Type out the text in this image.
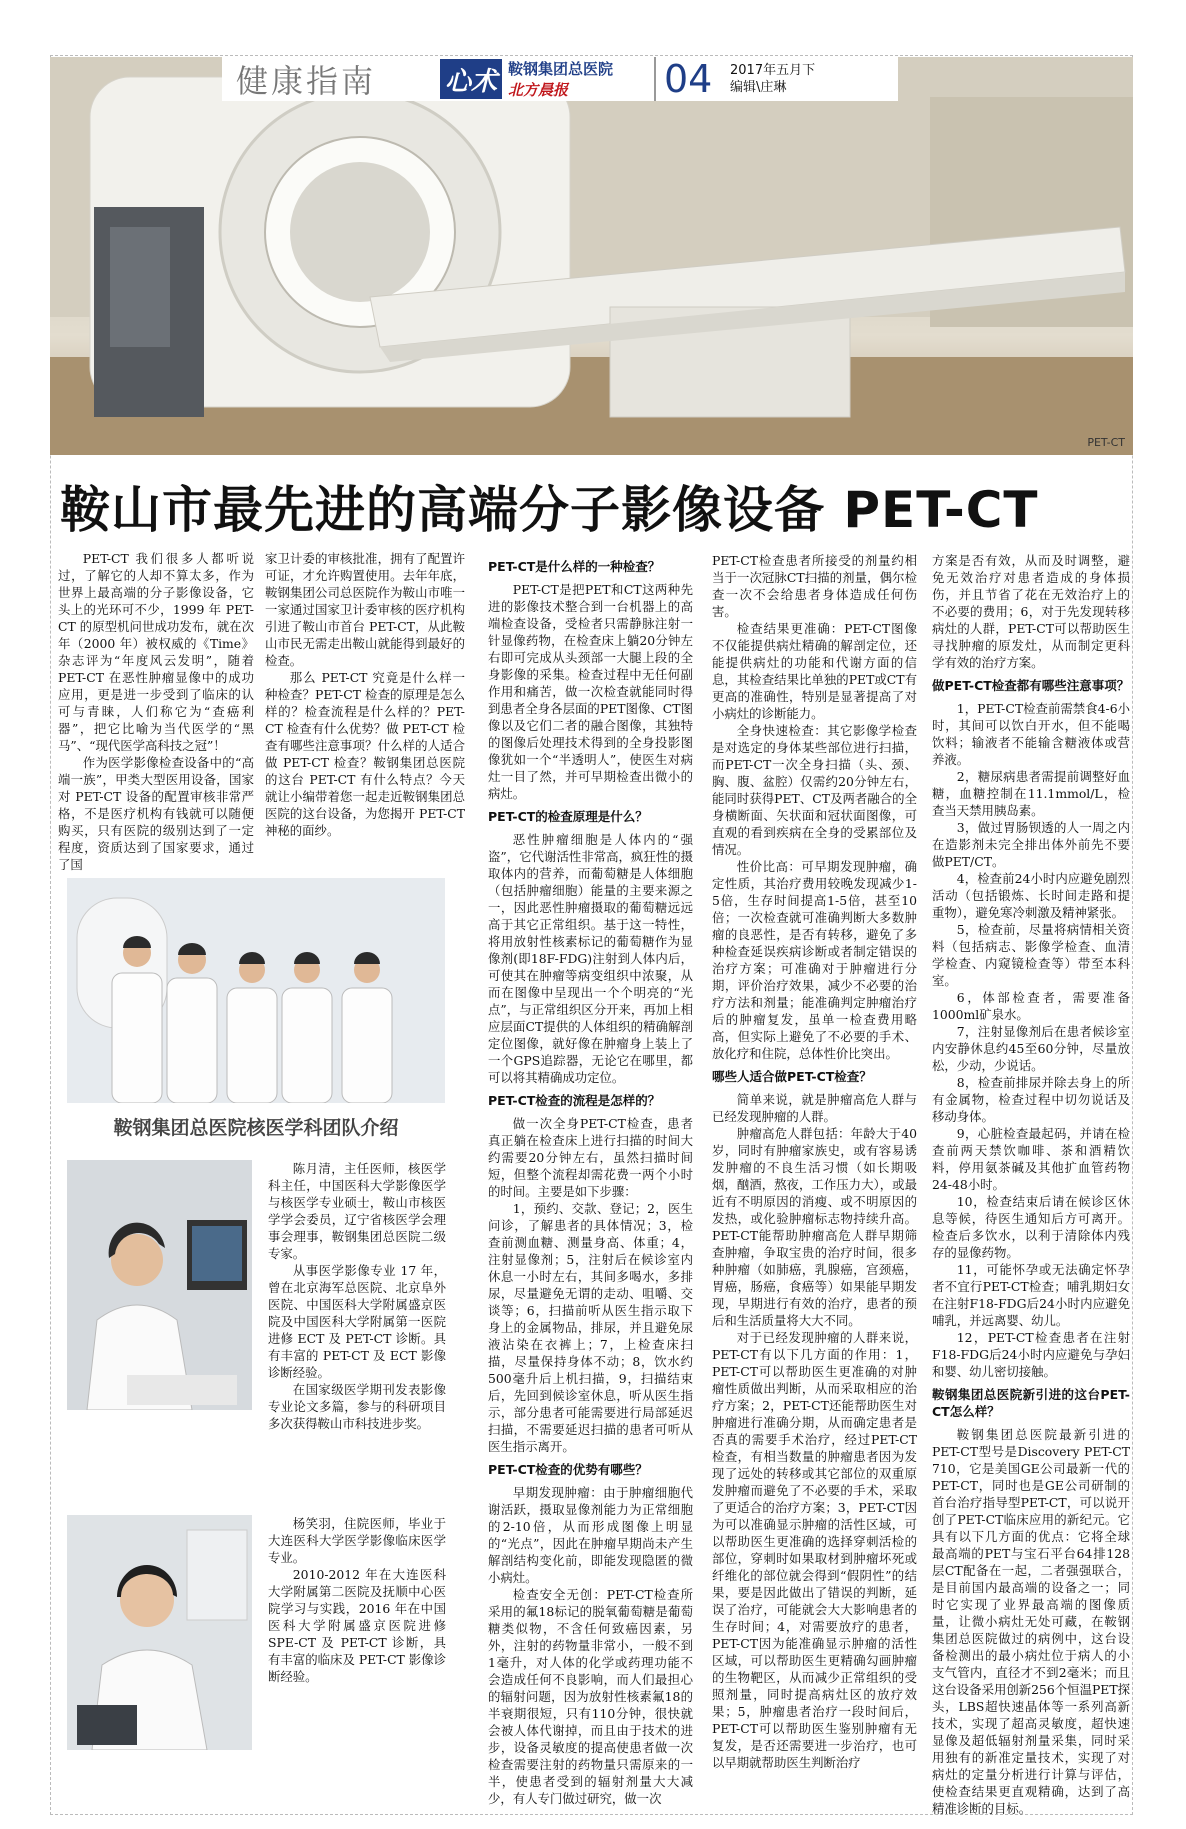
PET-CT
健康指南	心术 鞍钢集团总医院
北方晨报	04	2017年五月下
编辑\庄琳
鞍山市最先进的高端分子影像设备 PET-CT

PET-CT 我们很多人都听说过，了解它的人却不算太多，作为世界上最高端的分子影像设备，它头上的光环可不少，1999 年 PET-CT 的原型机问世成功发布，就在次年（2000 年）被权威的《Time》杂志评为“年度风云发明”，随着 PET-CT 在恶性肿瘤显像中的成功应用，更是进一步受到了临床的认可与青睐，人们称它为“查癌利器”，把它比喻为当代医学的“黑马”、“现代医学高科技之冠”！

作为医学影像检查设备中的“高端一族”，甲类大型医用设备，国家对 PET-CT 设备的配置审核非常严格，不是医疗机构有钱就可以随便购买，只有医院的级别达到了一定程度，资质达到了国家要求，通过了国

家卫计委的审核批准，拥有了配置许可证，才允许购置使用。去年年底，鞍钢集团公司总医院作为鞍山市唯一一家通过国家卫计委审核的医疗机构引进了鞍山市首台 PET-CT，从此鞍山市民无需走出鞍山就能得到最好的检查。

那么 PET-CT 究竟是什么样一种检查？PET-CT 检查的原理是怎么样的？检查流程是什么样的？PET-CT 检查有什么优势？做 PET-CT 检查有哪些注意事项？什么样的人适合做 PET-CT 检查？鞍钢集团总医院的这台 PET-CT 有什么特点？今天就让小编带着您一起走近鞍钢集团总医院的这台设备，为您揭开 PET-CT 神秘的面纱。

鞍钢集团总医院核医学科团队介绍

陈月清，主任医师，核医学科主任，中国医科大学影像医学与核医学专业硕士，鞍山市核医学学会委员，辽宁省核医学会理事会理事，鞍钢集团总医院二级专家。

从事医学影像专业 17 年，曾在北京海军总医院、北京阜外医院、中国医科大学附属盛京医院及中国医科大学附属第一医院进修 ECT 及 PET-CT 诊断。具有丰富的 PET-CT 及 ECT 影像诊断经验。

在国家级医学期刊发表影像专业论文多篇，参与的科研项目多次获得鞍山市科技进步奖。

杨笑羽，住院医师，毕业于大连医科大学医学影像临床医学专业。

2010-2012 年在大连医科大学附属第二医院及抚顺中心医院学习与实践，2016 年在中国医科大学附属盛京医院进修 SPE-CT 及 PET-CT 诊断，具有丰富的临床及 PET-CT 影像诊断经验。

PET-CT是什么样的一种检查？

PET-CT是把PET和CT这两种先进的影像技术整合到一台机器上的高端检查设备，受检者只需静脉注射一针显像药物，在检查床上躺20分钟左右即可完成从头颈部一大腿上段的全身影像的采集。检查过程中无任何副作用和痛苦，做一次检查就能同时得到患者全身各层面的PET图像、CT图像以及它们二者的融合图像，其独特的图像后处理技术得到的全身投影图像犹如一个“半透明人”，使医生对病灶一目了然，并可早期检查出微小的病灶。

PET-CT的检查原理是什么？

恶性肿瘤细胞是人体内的“强盗”，它代谢活性非常高，疯狂性的摄取体内的营养，而葡萄糖是人体细胞（包括肿瘤细胞）能量的主要来源之一，因此恶性肿瘤摄取的葡萄糖远远高于其它正常组织。基于这一特性，将用放射性核素标记的葡萄糖作为显像剂(即18F-FDG)注射到人体内后，可使其在肿瘤等病变组织中浓聚，从而在图像中呈现出一个个明亮的“光点”，与正常组织区分开来，再加上相应层面CT提供的人体组织的精确解剖定位图像，就好像在肿瘤身上装上了一个GPS追踪器，无论它在哪里，都可以将其精确成功定位。

PET-CT检查的流程是怎样的？

做一次全身PET-CT检查，患者真正躺在检查床上进行扫描的时间大约需要20分钟左右，虽然扫描时间短，但整个流程却需花费一两个小时的时间。主要是如下步骤：

1，预约、交款、登记；2，医生问诊，了解患者的具体情况；3，检查前测血糖、测量身高、体重；4，注射显像剂；5，注射后在候诊室内休息一小时左右，其间多喝水，多排尿，尽量避免无谓的走动、咀嚼、交谈等；6，扫描前听从医生指示取下身上的金属物品，排尿，并且避免尿液沾染在衣裤上；7，上检查床扫描，尽量保持身体不动；8，饮水约500毫升后上机扫描，9，扫描结束后，先回到候诊室休息，听从医生指示，部分患者可能需要进行局部延迟扫描，不需要延迟扫描的患者可听从医生指示离开。

PET-CT检查的优势有哪些？

早期发现肿瘤：由于肿瘤细胞代谢活跃，摄取显像剂能力为正常细胞的2-10倍，从而形成图像上明显的“光点”，因此在肿瘤早期尚未产生解剖结构变化前，即能发现隐匿的微小病灶。

检查安全无创：PET-CT检查所采用的氟18标记的脱氧葡萄糖是葡萄糖类似物，不含任何致癌因素，另外，注射的药物量非常小，一般不到1毫升，对人体的化学或药理功能不会造成任何不良影响，而人们最担心的辐射问题，因为放射性核素氟18的半衰期很短，只有110分钟，很快就会被人体代谢掉，而且由于技术的进步，设备灵敏度的提高使患者做一次检查需要注射的药物量只需原来的一半，使患者受到的辐射剂量大大减少，有人专门做过研究，做一次

PET-CT检查患者所接受的剂量约相当于一次冠脉CT扫描的剂量，偶尔检查一次不会给患者身体造成任何伤害。

检查结果更准确：PET-CT图像不仅能提供病灶精确的解剖定位，还能提供病灶的功能和代谢方面的信息，其检查结果比单独的PET或CT有更高的准确性，特别是显著提高了对小病灶的诊断能力。

全身快速检查：其它影像学检查是对选定的身体某些部位进行扫描，而PET-CT一次全身扫描（头、颈、胸、腹、盆腔）仅需约20分钟左右，能同时获得PET、CT及两者融合的全身横断面、矢状面和冠状面图像，可直观的看到疾病在全身的受累部位及情况。

性价比高：可早期发现肿瘤，确定性质，其治疗费用较晚发现减少1-5倍，生存时间提高1-5倍，甚至10倍；一次检查就可准确判断大多数肿瘤的良恶性，是否有转移，避免了多种检查延误疾病诊断或者制定错误的治疗方案；可准确对于肿瘤进行分期，评价治疗效果，减少不必要的治疗方法和剂量；能准确判定肿瘤治疗后的肿瘤复发，虽单一检查费用略高，但实际上避免了不必要的手术、放化疗和住院，总体性价比突出。

哪些人适合做PET-CT检查？

简单来说，就是肿瘤高危人群与已经发现肿瘤的人群。

肿瘤高危人群包括：年龄大于40岁，同时有肿瘤家族史，或有容易诱发肿瘤的不良生活习惯（如长期吸烟，酗酒，熬夜，工作压力大），或最近有不明原因的消瘦、或不明原因的发热，或化验肿瘤标志物持续升高。PET-CT能帮助肿瘤高危人群早期筛查肿瘤，争取宝贵的治疗时间，很多种肿瘤（如肺癌，乳腺癌，宫颈癌，胃癌，肠癌，食癌等）如果能早期发现，早期进行有效的治疗，患者的预后和生活质量将大大不同。

对于已经发现肿瘤的人群来说，PET-CT有以下几方面的作用：1，PET-CT可以帮助医生更准确的对肿瘤性质做出判断，从而采取相应的治疗方案；2，PET-CT还能帮助医生对肿瘤进行准确分期，从而确定患者是否真的需要手术治疗，经过PET-CT检查，有相当数量的肿瘤患者因为发现了远处的转移或其它部位的双重原发肿瘤而避免了不必要的手术，采取了更适合的治疗方案；3，PET-CT因为可以准确显示肿瘤的活性区域，可以帮助医生更准确的选择穿刺活检的部位，穿刺时如果取材到肿瘤坏死或纤维化的部位就会得到“假阴性”的结果，要是因此做出了错误的判断，延误了治疗，可能就会大大影响患者的生存时间；4，对需要放疗的患者，PET-CT因为能准确显示肿瘤的活性区域，可以帮助医生更精确勾画肿瘤的生物靶区，从而减少正常组织的受照剂量，同时提高病灶区的放疗效果；5，肿瘤患者治疗一段时间后，PET-CT可以帮助医生鉴别肿瘤有无复发，是否还需要进一步治疗，也可以早期就帮助医生判断治疗

方案是否有效，从而及时调整，避免无效治疗对患者造成的身体损伤，并且节省了花在无效治疗上的不必要的费用；6，对于先发现转移病灶的人群，PET-CT可以帮助医生寻找肿瘤的原发灶，从而制定更科学有效的治疗方案。

做PET-CT检查都有哪些注意事项？
1，PET-CT检查前需禁食4-6小时，其间可以饮白开水，但不能喝饮料；输液者不能输含糖液体或营养液。
2，糖尿病患者需提前调整好血糖，血糖控制在11.1mmol/L，检查当天禁用胰岛素。
3，做过胃肠钡透的人一周之内在造影剂未完全排出体外前先不要做PET/CT。
4，检查前24小时内应避免剧烈活动（包括锻炼、长时间走路和提重物），避免寒冷刺激及精神紧张。
5，检查前，尽量将病情相关资料（包括病志、影像学检查、血清学检查、内窥镜检查等）带至本科室。
6，体部检查者，需要准备1000ml矿泉水。
7，注射显像剂后在患者候诊室内安静休息约45至60分钟，尽量放松，少动，少说话。
8，检查前排尿并除去身上的所有金属物，检查过程中切勿说话及移动身体。
9，心脏检查最起码，并请在检查前两天禁饮咖啡、茶和酒精饮料，停用氨茶碱及其他扩血管药物24-48小时。
10，检查结束后请在候诊区休息等候，待医生通知后方可离开。检查后多饮水，以利于清除体内残存的显像药物。
11，可能怀孕或无法确定怀孕者不宜行PET-CT检查；哺乳期妇女在注射F18-FDG后24小时内应避免哺乳，并远离婴、幼儿。
12，PET-CT检查患者在注射F18-FDG后24小时内应避免与孕妇和婴、幼儿密切接触。
鞍钢集团总医院新引进的这台PET-CT怎么样？

鞍钢集团总医院最新引进的PET-CT型号是Discovery PET-CT 710，它是美国GE公司最新一代的PET-CT，同时也是GE公司研制的首台治疗指导型PET-CT，可以说开创了PET-CT临床应用的新纪元。它具有以下几方面的优点：它将全球最高端的PET与宝石平台64排128层CT配备在一起，二者强强联合，是目前国内最高端的设备之一；同时它实现了业界最高端的图像质量，让微小病灶无处可藏，在鞍钢集团总医院做过的病例中，这台设备检测出的最小病灶位于病人的小支气管内，直径才不到2毫米；而且这台设备采用创新256个恒温PET探头，LBS超快速晶体等一系列高新技术，实现了超高灵敏度，超快速显像及超低辐射剂量采集，同时采用独有的新准定量技术，实现了对病灶的定量分析进行计算与评估，使检查结果更直观精确，达到了高精准诊断的目标。
